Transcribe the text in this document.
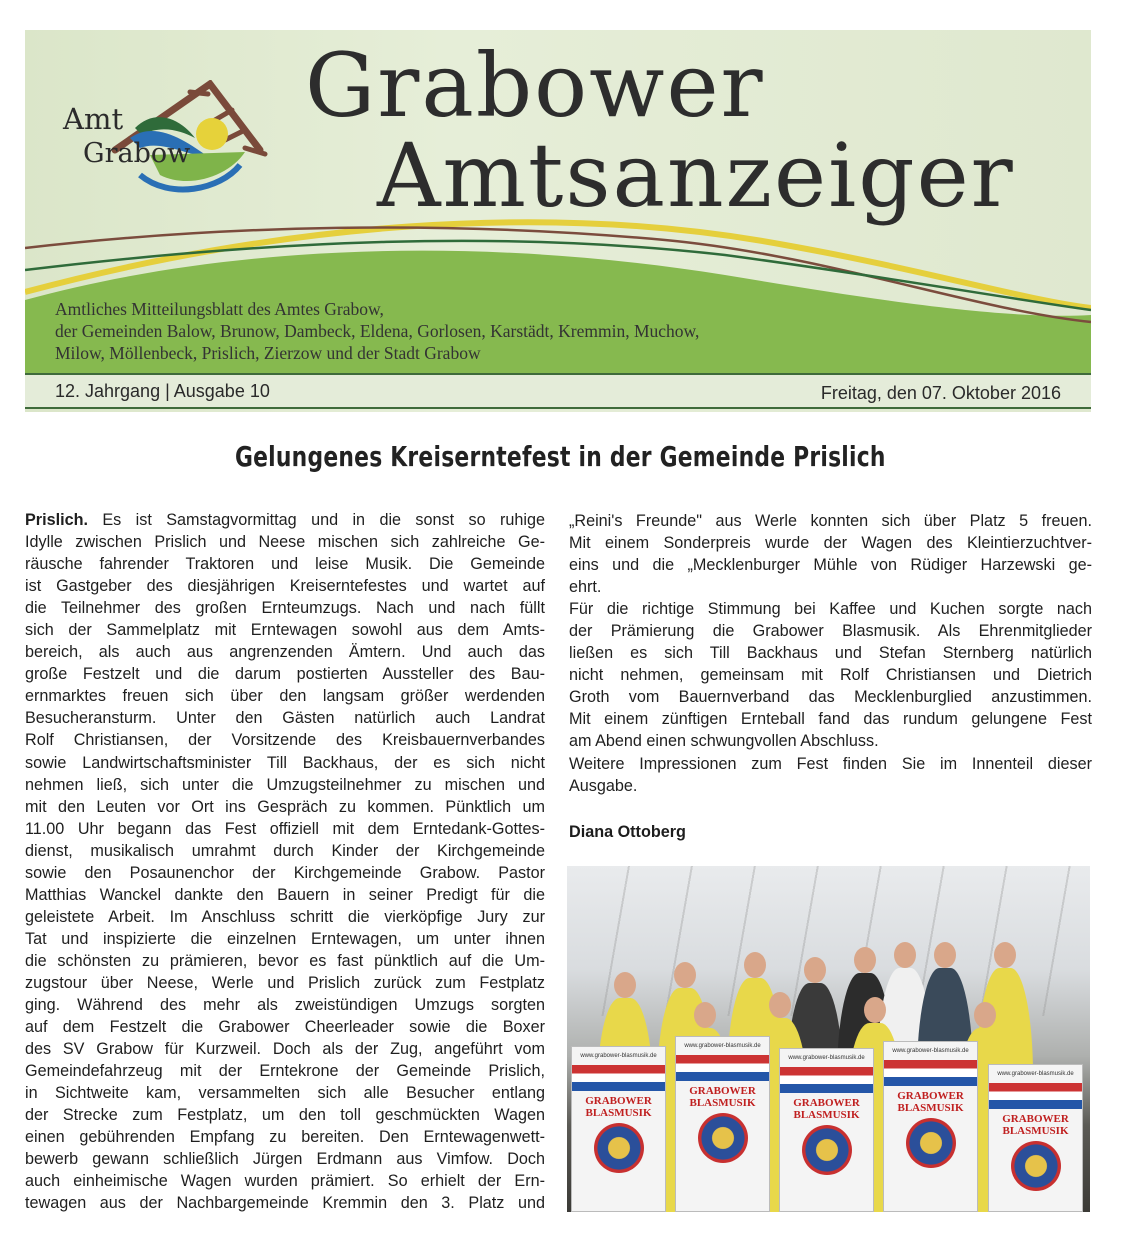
Amt
Grabow
Grabower
Amtsanzeiger
Amtliches Mitteilungsblatt des Amtes Grabow,
der Gemeinden Balow, Brunow, Dambeck, Eldena, Gorlosen, Karstädt, Kremmin, Muchow,
Milow, Möllenbeck, Prislich, Zierzow und der Stadt Grabow
12. Jahrgang | Ausgabe 10	Freitag, den 07. Oktober 2016
Gelungenes Kreiserntefest in der Gemeinde Prislich
Prislich. Es ist Samstagvormittag und in die sonst so ruhige
Idylle zwischen Prislich und Neese mischen sich zahlreiche Ge-
räusche fahrender Traktoren und leise Musik. Die Gemeinde
ist Gastgeber des diesjährigen Kreiserntefestes und wartet auf
die Teilnehmer des großen Ernteumzugs. Nach und nach füllt
sich der Sammelplatz mit Erntewagen sowohl aus dem Amts-
bereich, als auch aus angrenzenden Ämtern. Und auch das
große Festzelt und die darum postierten Aussteller des Bau-
ernmarktes freuen sich über den langsam größer werdenden
Besucheransturm. Unter den Gästen natürlich auch Landrat
Rolf Christiansen, der Vorsitzende des Kreisbauernverbandes
sowie Landwirtschaftsminister Till Backhaus, der es sich nicht
nehmen ließ, sich unter die Umzugsteilnehmer zu mischen und
mit den Leuten vor Ort ins Gespräch zu kommen. Pünktlich um
11.00 Uhr begann das Fest offiziell mit dem Erntedank-Gottes-
dienst, musikalisch umrahmt durch Kinder der Kirchgemeinde
sowie den Posaunenchor der Kirchgemeinde Grabow. Pastor
Matthias Wanckel dankte den Bauern in seiner Predigt für die
geleistete Arbeit. Im Anschluss schritt die vierköpfige Jury zur
Tat und inspizierte die einzelnen Erntewagen, um unter ihnen
die schönsten zu prämieren, bevor es fast pünktlich auf die Um-
zugstour über Neese, Werle und Prislich zurück zum Festplatz
ging. Während des mehr als zweistündigen Umzugs sorgten
auf dem Festzelt die Grabower Cheerleader sowie die Boxer
des SV Grabow für Kurzweil. Doch als der Zug, angeführt vom
Gemeindefahrzeug mit der Erntekrone der Gemeinde Prislich,
in Sichtweite kam, versammelten sich alle Besucher entlang
der Strecke zum Festplatz, um den toll geschmückten Wagen
einen gebührenden Empfang zu bereiten. Den Erntewagenwett-
bewerb gewann schließlich Jürgen Erdmann aus Vimfow. Doch
auch einheimische Wagen wurden prämiert. So erhielt der Ern-
tewagen aus der Nachbargemeinde Kremmin den 3. Platz und
„Reini's Freunde" aus Werle konnten sich über Platz 5 freuen.
Mit einem Sonderpreis wurde der Wagen des Kleintierzuchtver-
eins und die „Mecklenburger Mühle von Rüdiger Harzewski ge-
ehrt.
Für die richtige Stimmung bei Kaffee und Kuchen sorgte nach
der Prämierung die Grabower Blasmusik. Als Ehrenmitglieder
ließen es sich Till Backhaus und Stefan Sternberg natürlich
nicht nehmen, gemeinsam mit Rolf Christiansen und Dietrich
Groth vom Bauernverband das Mecklenburglied anzustimmen.
Mit einem zünftigen Ernteball fand das rundum gelungene Fest
am Abend einen schwungvollen Abschluss.
Weitere Impressionen zum Fest finden Sie im Innenteil dieser
Ausgabe.
Diana Ottoberg
www.grabower-blasmusik.de
GRABOWER
BLASMUSIK
www.grabower-blasmusik.de
GRABOWER
BLASMUSIK
www.grabower-blasmusik.de
GRABOWER
BLASMUSIK
www.grabower-blasmusik.de
GRABOWER
BLASMUSIK
www.grabower-blasmusik.de
GRABOWER
BLASMUSIK
